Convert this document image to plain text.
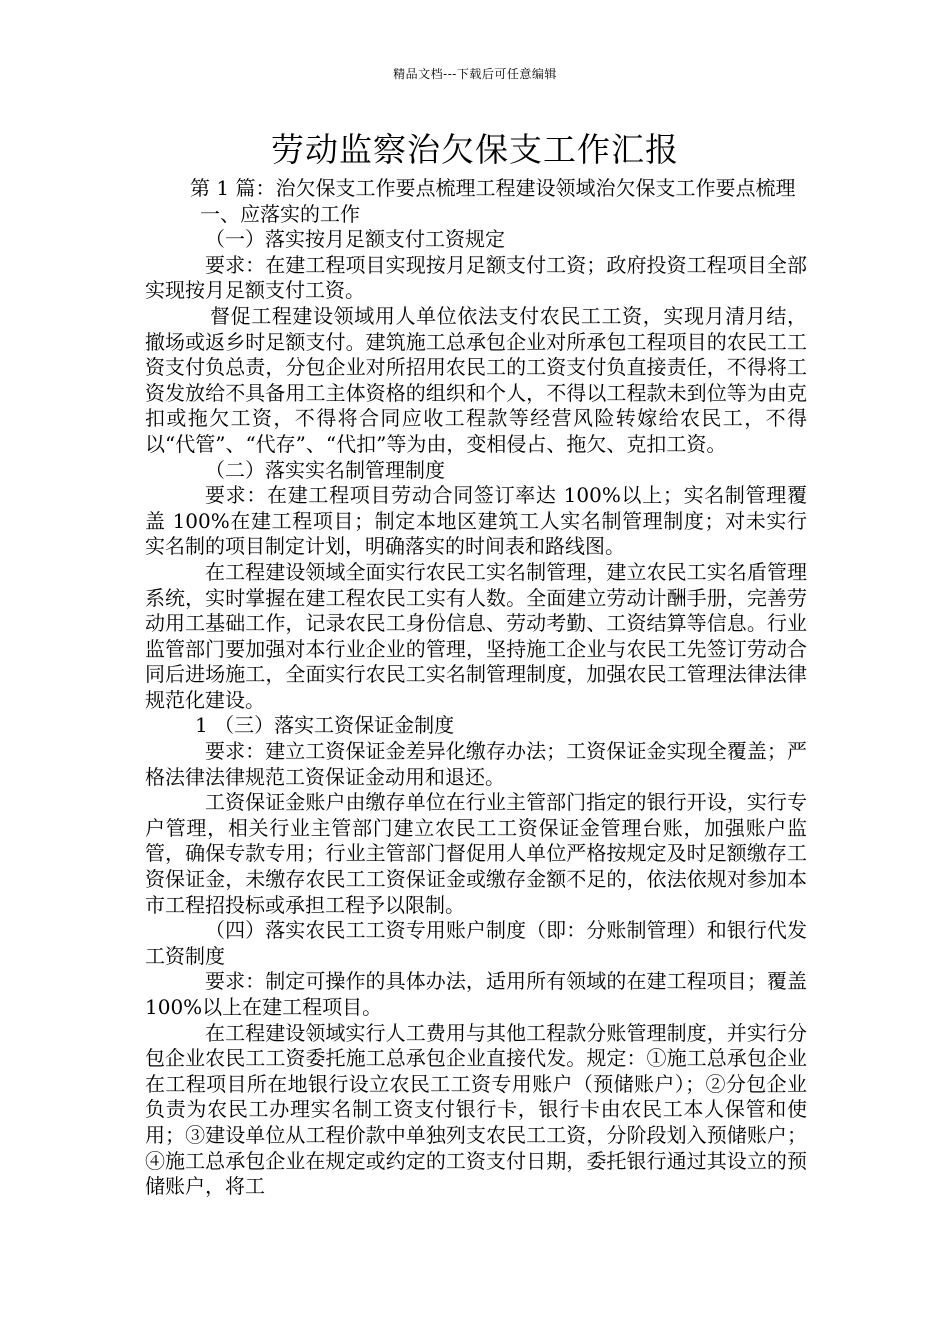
精品文档---下载后可任意编辑
劳动监察治欠保支工作汇报

第 1 篇：治欠保支工作要点梳理工程建设领域治欠保支工作要点梳理

一、应落实的工作

（一）落实按月足额支付工资规定

要求：在建工程项目实现按月足额支付工资；政府投资工程项目全部实现按月足额支付工资。

督促工程建设领域用人单位依法支付农民工工资，实现月清月结，撤场或返乡时足额支付。建筑施工总承包企业对所承包工程项目的农民工工资支付负总责，分包企业对所招用农民工的工资支付负直接责任，不得将工资发放给不具备用工主体资格的组织和个人，不得以工程款未到位等为由克扣或拖欠工资，不得将合同应收工程款等经营风险转嫁给农民工，不得以“代管”、“代存”、“代扣”等为由，变相侵占、拖欠、克扣工资。

（二）落实实名制管理制度

要求：在建工程项目劳动合同签订率达 100%以上；实名制管理覆盖 100%在建工程项目；制定本地区建筑工人实名制管理制度；对未实行实名制的项目制定计划，明确落实的时间表和路线图。

在工程建设领域全面实行农民工实名制管理，建立农民工实名盾管理系统，实时掌握在建工程农民工实有人数。全面建立劳动计酬手册，完善劳动用工基础工作，记录农民工身份信息、劳动考勤、工资结算等信息。行业监管部门要加强对本行业企业的管理，坚持施工企业与农民工先签订劳动合同后进场施工，全面实行农民工实名制管理制度，加强农民工管理法律法律规范化建设。

1 （三）落实工资保证金制度

要求：建立工资保证金差异化缴存办法；工资保证金实现全覆盖；严格法律法律规范工资保证金动用和退还。

工资保证金账户由缴存单位在行业主管部门指定的银行开设，实行专户管理，相关行业主管部门建立农民工工资保证金管理台账，加强账户监管，确保专款专用；行业主管部门督促用人单位严格按规定及时足额缴存工资保证金，未缴存农民工工资保证金或缴存金额不足的，依法依规对参加本市工程招投标或承担工程予以限制。

（四）落实农民工工资专用账户制度（即：分账制管理）和银行代发工资制度

要求：制定可操作的具体办法，适用所有领域的在建工程项目；覆盖 100%以上在建工程项目。

在工程建设领域实行人工费用与其他工程款分账管理制度，并实行分包企业农民工工资委托施工总承包企业直接代发。规定：①施工总承包企业在工程项目所在地银行设立农民工工资专用账户（预储账户）；②分包企业负责为农民工办理实名制工资支付银行卡，银行卡由农民工本人保管和使用；③建设单位从工程价款中单独列支农民工工资，分阶段划入预储账户；④施工总承包企业在规定或约定的工资支付日期，委托银行通过其设立的预储账户，将工
